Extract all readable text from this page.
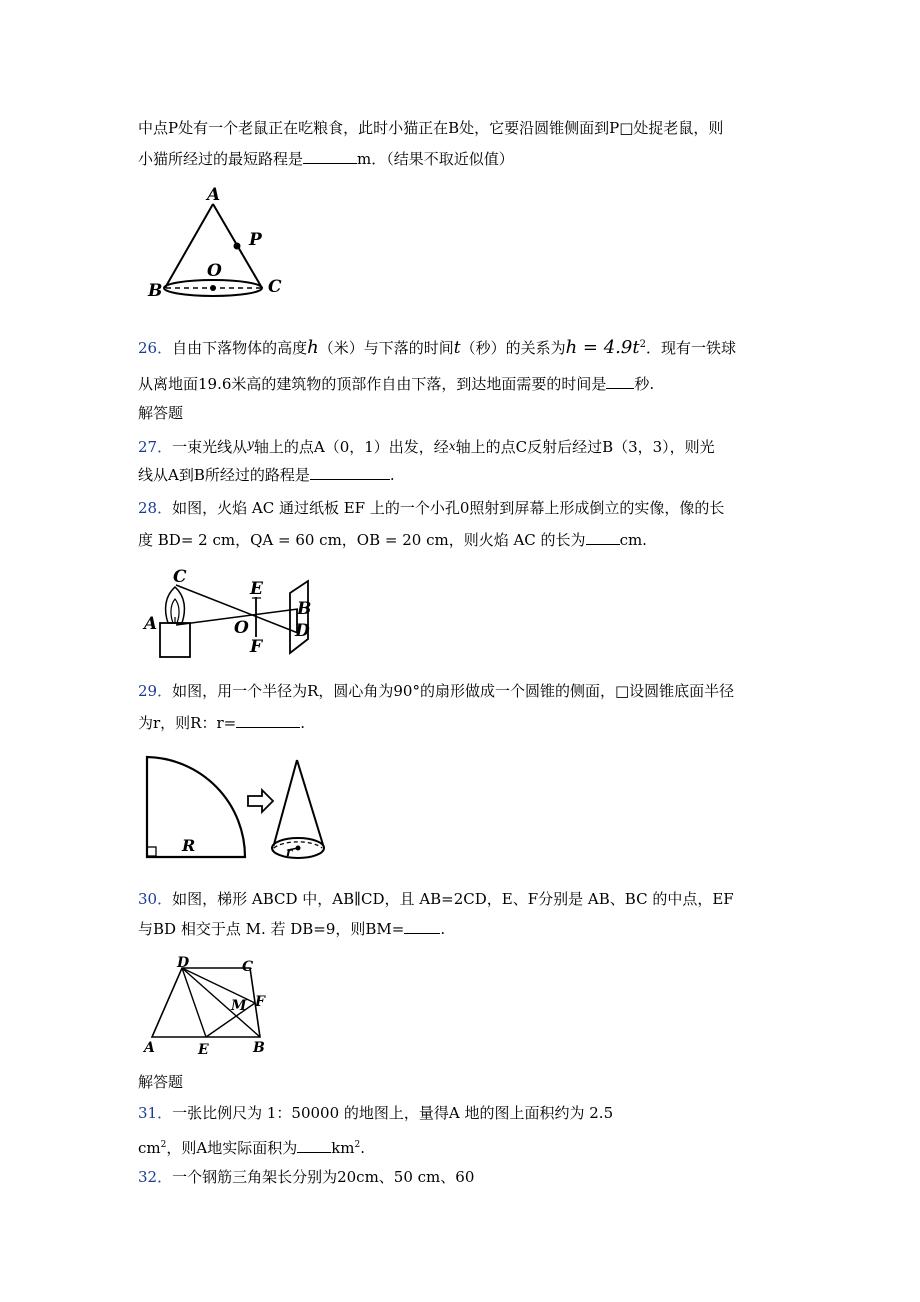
中点P处有一个老鼠正在吃粮食，此时小猫正在B处，它要沿圆锥侧面到P□处捉老鼠，则
小猫所经过的最短路程是	m．（结果不取近似值）
A
P
O
B	C
26．自由下落物体的高度h（米）与下落的时间t（秒）的关系为$h = 4.9t^2$．现有一铁球
从离地面19.6米高的建筑物的顶部作自由下落，到达地面需要的时间是 秒.
解答题
27．一束光线从$^y$轴上的点A（0，1）出发，经x轴上的点C反射后经过B（3，3），则光
线从A到B所经过的路程是	.
28．如图，火焰 AC 通过纸板 EF 上的一个小孔0照射到屏幕上形成倒立的实像，像的长
度 BD= 2 cm，QA = 60 cm，OB = 20 cm，则火焰 AC 的长为 cm.
C
E
A	O
F
B
D
29．如图，用一个半径为R，圆心角为90°的扇形做成一个圆锥的侧面，□设圆锥底面半径
为r，则R：r=	.
R	r
30．如图，梯形 ABCD 中，AB∥CD，且 AB=2CD，E、F分别是 AB、BC 的中点，EF
与BD 相交于点 M. 若 DB=9，则BM= .
D	C
M F
A	E	B
解答题
31．一张比例尺为 1：50000 的地图上，量得A 地的图上面积约为 2.5
$cm^2$，则A地实际面积为 $km^2$.
32．一个钢筋三角架长分别为20cm、50 cm、60
